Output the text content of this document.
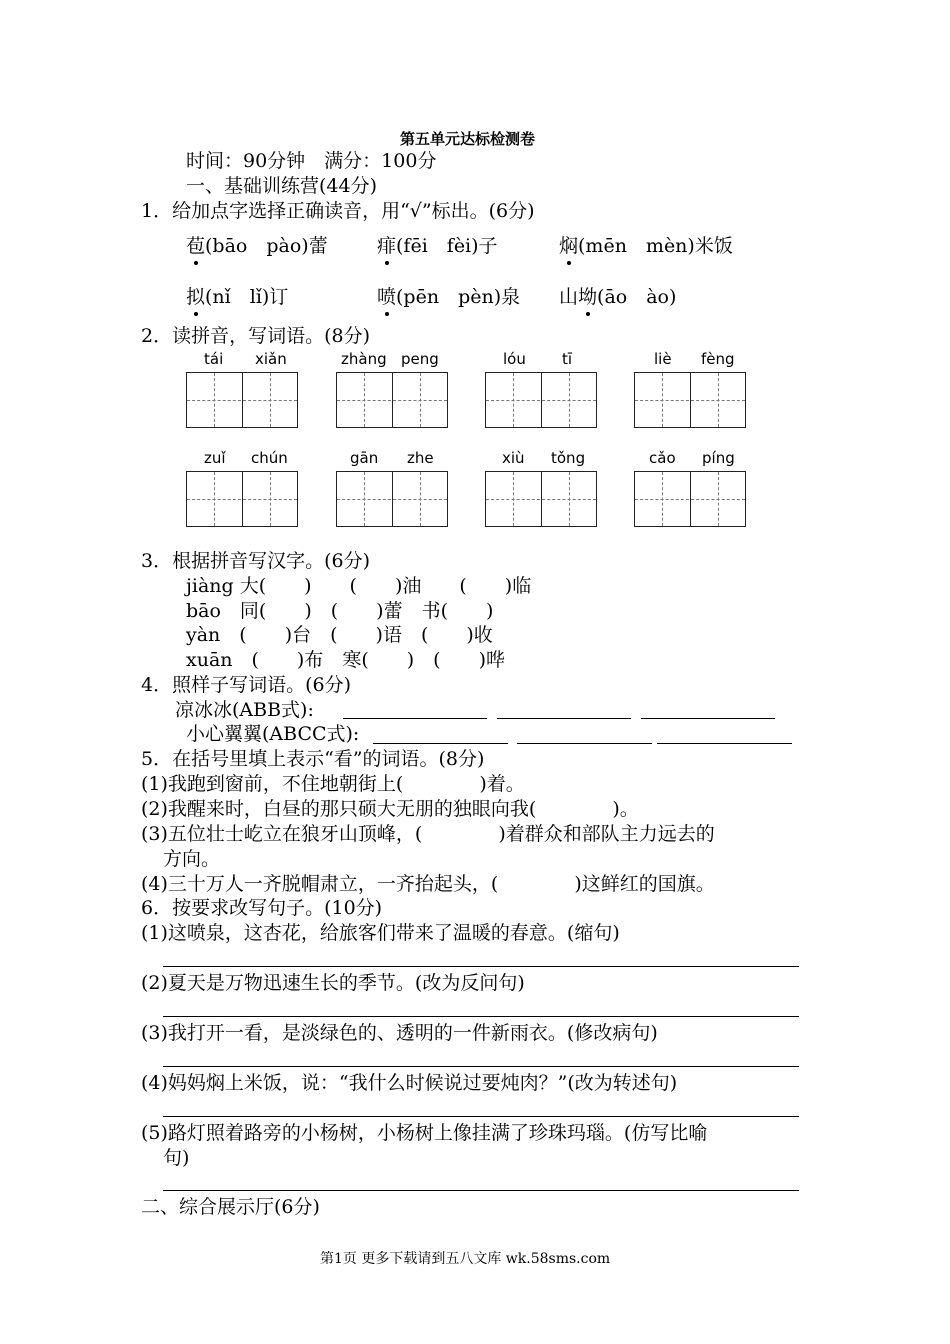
第五单元达标检测卷
时间：90分钟　满分：100分
一、基础训练营(44分)
1．给加点字选择正确读音，用“√”标出。(6分)
苞(bāo　pào)蕾	痱(fēi　fèi)子	焖(mēn　mèn)米饭
拟(nǐ　lǐ)订	喷(pēn　pèn)泉 山坳(āo　ào)
2．读拼音，写词语。(8分)
tái xiǎn	zhàng peng	lóu tī	liè fèng
zuǐ chún	gān zhe	xiù tǒng	cǎo píng
3．根据拼音写汉字。(6分)
jiàng 大(　　)　　(　　)油　　(　　)临
bāo　同(　　)　(　　)蕾　书(　　)
yàn　(　　)台　(　　)语　(　　)收
xuān　(　　)布　寒(　　)　(　　)哗
4．照样子写词语。(6分)
凉冰冰(ABB式):
小心翼翼(ABCC式):
5．在括号里填上表示“看”的词语。(8分)
(1)我跑到窗前，不住地朝街上(　　　　)着。
(2)我醒来时，白昼的那只硕大无朋的独眼向我(　　　　)。
(3)五位壮士屹立在狼牙山顶峰，(　　　　)着群众和部队主力远去的
方向。
(4)三十万人一齐脱帽肃立，一齐抬起头，(　　　　)这鲜红的国旗。
6．按要求改写句子。(10分)
(1)这喷泉，这杏花，给旅客们带来了温暖的春意。(缩句)
(2)夏天是万物迅速生长的季节。(改为反问句)
(3)我打开一看，是淡绿色的、透明的一件新雨衣。(修改病句)
(4)妈妈焖上米饭，说：“我什么时候说过要炖肉？”(改为转述句)
(5)路灯照着路旁的小杨树，小杨树上像挂满了珍珠玛瑙。(仿写比喻
句)
二、综合展示厅(6分)
第1页 更多下载请到五八文库 wk.58sms.com
